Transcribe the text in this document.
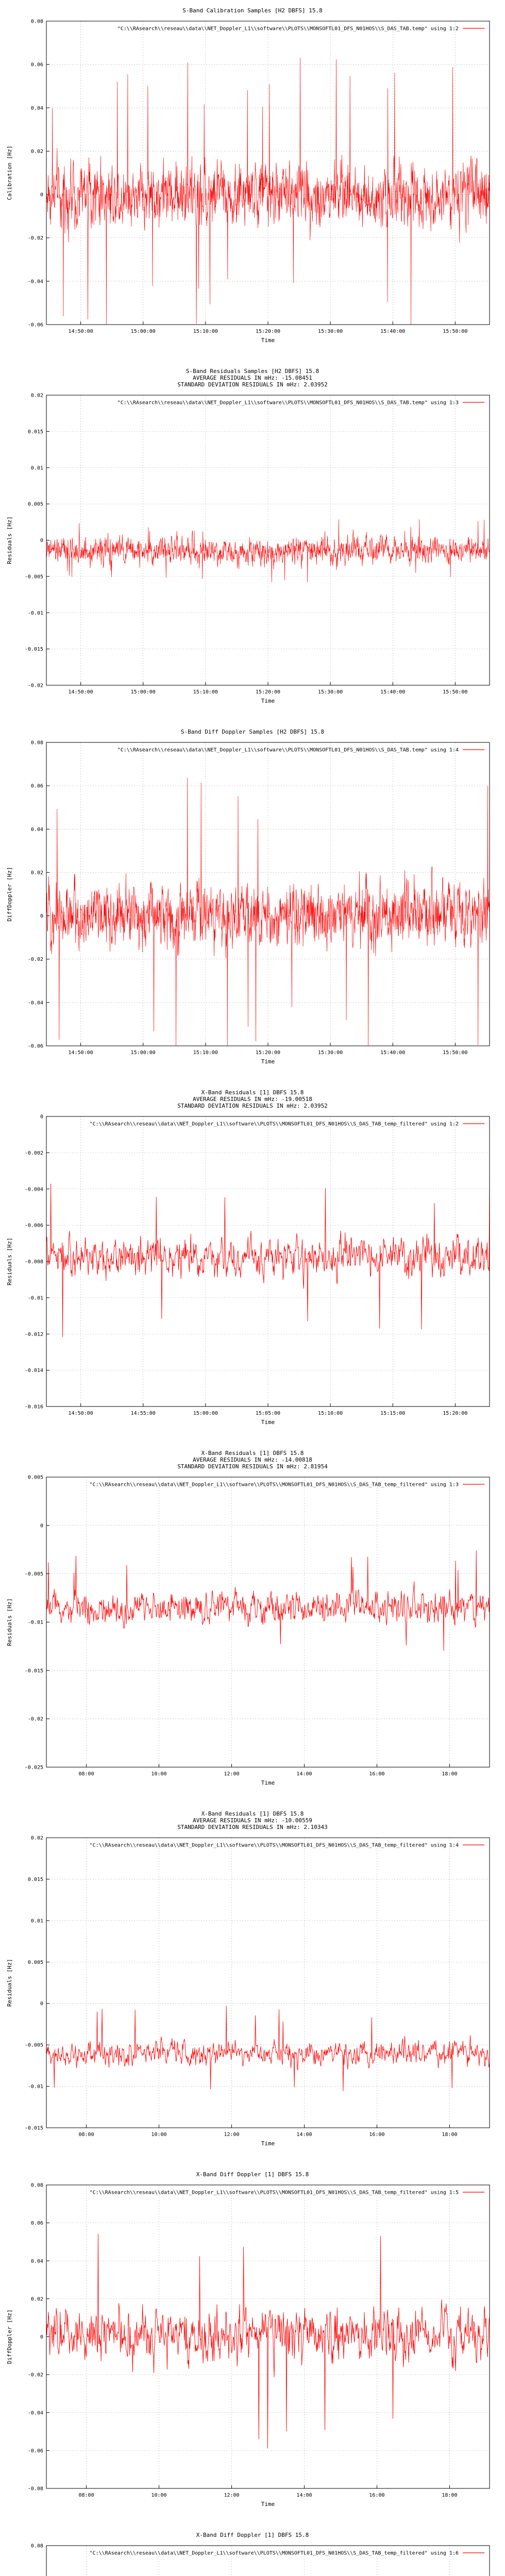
S-Band Calibration Samples [H2 DBFS] 15.8
0.08
0.06
0.04
0.02
0
-0.02
-0.04
-0.06
14:50:00	15:00:00	15:10:00	15:20:00	15:30:00	15:40:00	15:50:00
"C:\\RAsearch\\reseau\\data\\NET_Doppler_L1\\software\\PLOTS\\MONSOFTL01_DFS_N01HOS\\S_DAS_TAB.temp" using 1:2
Time
Calibration [Hz]
S-Band Residuals Samples [H2 DBFS] 15.8
AVERAGE RESIDUALS IN mHz: -15.08451
STANDARD DEVIATION RESIDUALS IN mHz: 2.03952
0.02
0.015
0.01
0.005
0
-0.005
-0.01
-0.015
-0.02
14:50:00	15:00:00	15:10:00	15:20:00	15:30:00	15:40:00	15:50:00
"C:\\RAsearch\\reseau\\data\\NET_Doppler_L1\\software\\PLOTS\\MONSOFTL01_DFS_N01HOS\\S_DAS_TAB.temp" using 1:3
Time
Residuals [Hz]
S-Band Diff Doppler Samples [H2 DBFS] 15.8
0.08
0.06
0.04
0.02
0
-0.02
-0.04
-0.06
14:50:00	15:00:00	15:10:00	15:20:00	15:30:00	15:40:00	15:50:00
"C:\\RAsearch\\reseau\\data\\NET_Doppler_L1\\software\\PLOTS\\MONSOFTL01_DFS_N01HOS\\S_DAS_TAB.temp" using 1:4
Time
DiffDoppler [Hz]
X-Band Residuals [1] DBFS 15.8
AVERAGE RESIDUALS IN mHz: -19.00518
STANDARD DEVIATION RESIDUALS IN mHz: 2.03952
0
-0.002
-0.004
-0.006
-0.008
-0.01
-0.012
-0.014
-0.016
14:50:00	14:55:00	15:00:00	15:05:00	15:10:00	15:15:00	15:20:00
"C:\\RAsearch\\reseau\\data\\NET_Doppler_L1\\software\\PLOTS\\MONSOFTL01_DFS_N01HOS\\S_DAS_TAB_temp_filtered" using 1:2
Time
Residuals [Hz]
X-Band Residuals [1] DBFS 15.8
AVERAGE RESIDUALS IN mHz: -14.00818
STANDARD DEVIATION RESIDUALS IN mHz: 2.81954
0.005
0
-0.005
-0.01
-0.015
-0.02
-0.025
08:00	10:00	12:00	14:00	16:00	18:00
"C:\\RAsearch\\reseau\\data\\NET_Doppler_L1\\software\\PLOTS\\MONSOFTL01_DFS_N01HOS\\S_DAS_TAB_temp_filtered" using 1:3
Time
Residuals [Hz]
X-Band Residuals [1] DBFS 15.8
AVERAGE RESIDUALS IN mHz: -10.00559
STANDARD DEVIATION RESIDUALS IN mHz: 2.10343
0.02
0.015
0.01
0.005
0
-0.005
-0.01
-0.015
08:00	10:00	12:00	14:00	16:00	18:00
"C:\\RAsearch\\reseau\\data\\NET_Doppler_L1\\software\\PLOTS\\MONSOFTL01_DFS_N01HOS\\S_DAS_TAB_temp_filtered" using 1:4
Time
Residuals [Hz]
X-Band Diff Doppler [1] DBFS 15.8
0.08
0.06
0.04
0.02
0
-0.02
-0.04
-0.06
-0.08
08:00	10:00	12:00	14:00	16:00	18:00
"C:\\RAsearch\\reseau\\data\\NET_Doppler_L1\\software\\PLOTS\\MONSOFTL01_DFS_N01HOS\\S_DAS_TAB_temp_filtered" using 1:5
Time
DiffDoppler [Hz]
X-Band Diff Doppler [1] DBFS 15.8
0.08
"C:\\RAsearch\\reseau\\data\\NET_Doppler_L1\\software\\PLOTS\\MONSOFTL01_DFS_N01HOS\\S_DAS_TAB_temp_filtered" using 1:6
